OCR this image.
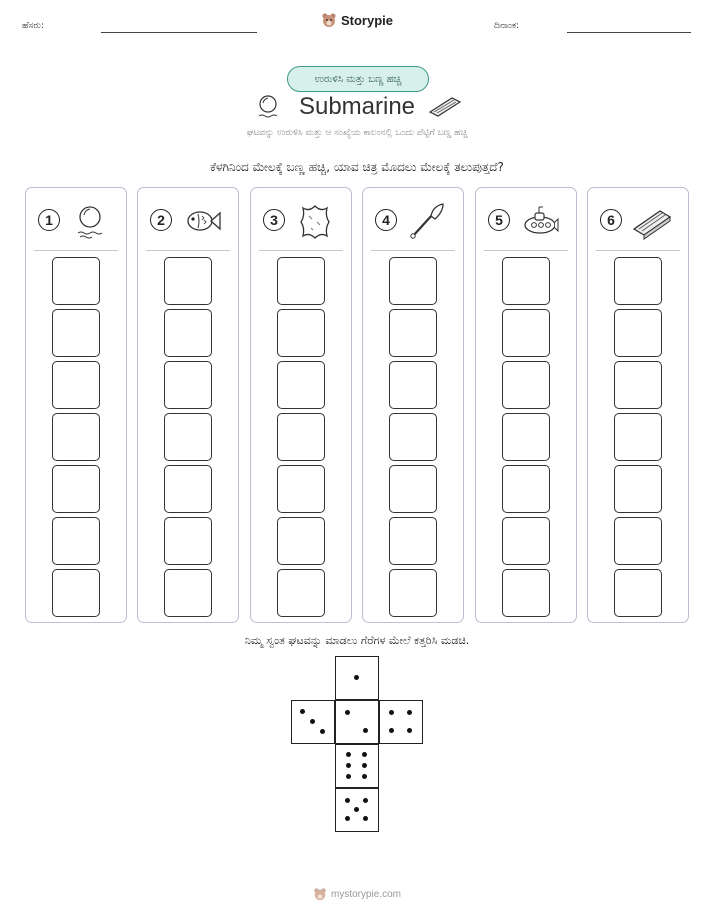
ಹೆಸರು:	Storypie	ದಿನಾಂಕ:
ಉರುಳಿಸಿ ಮತ್ತು ಬಣ್ಣ ಹಚ್ಚಿ
Submarine
ಘಟವನ್ನು ಉರುಳಿಸಿ ಮತ್ತು ಆ ಸಂಖ್ಯೆಯ ಕಾಲಂನಲ್ಲಿ ಒಂದು ಪೆಟ್ಟಿಗೆ ಬಣ್ಣ ಹಚ್ಚಿ
ಕೆಳಗಿನಿಂದ ಮೇಲಕ್ಕೆ ಬಣ್ಣ ಹಚ್ಚಿ, ಯಾವ ಚಿತ್ರ ಮೊದಲು ಮೇಲಕ್ಕೆ ತಲುಪುತ್ತದೆ?
1	2	3	4	5	6
ನಿಮ್ಮ ಸ್ವಂತ ಘಟವನ್ನು ಮಾಡಲು ಗೆರೆಗಳ ಮೇಲೆ ಕತ್ತರಿಸಿ ಮಡಚಿ.
mystorypie.com
